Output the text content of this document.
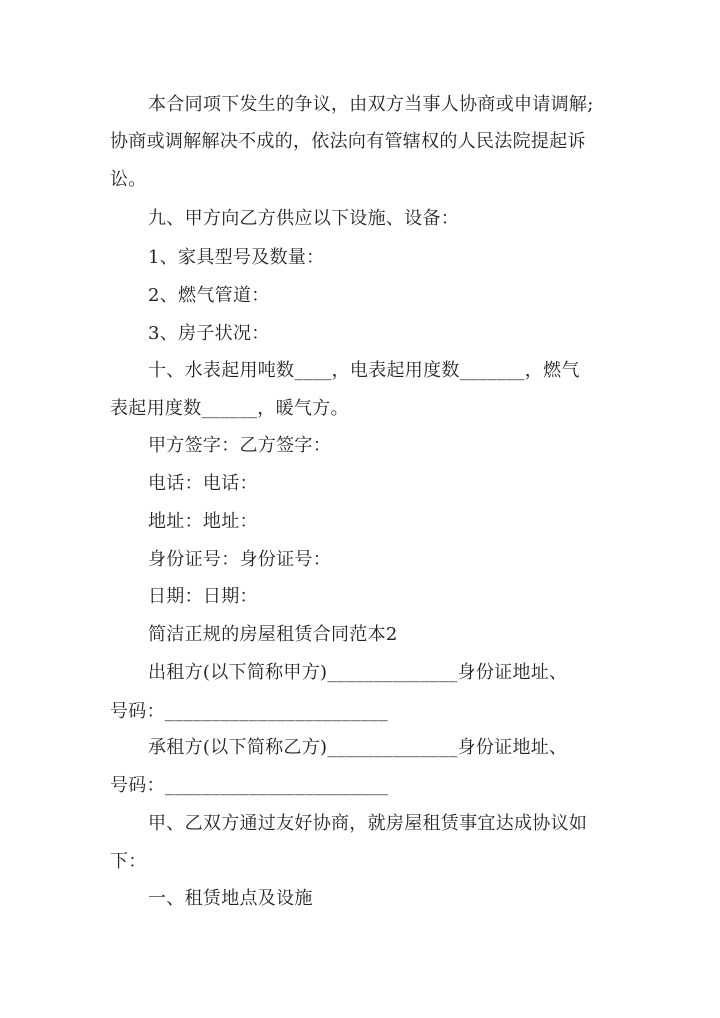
本合同项下发生的争议，由双方当事人协商或申请调解;
协商或调解解决不成的，依法向有管辖权的人民法院提起诉
讼。
九、甲方向乙方供应以下设施、设备：
1、家具型号及数量：
2、燃气管道：
3、房子状况：
十、水表起用吨数____，电表起用度数_______，燃气
表起用度数______，暖气方。
甲方签字：乙方签字：
电话：电话：
地址：地址：
身份证号：身份证号：
日期：日期：
简洁正规的房屋租赁合同范本2
出租方(以下简称甲方)______________身份证地址、
号码：________________________
承租方(以下简称乙方)______________身份证地址、
号码：________________________
甲、乙双方通过友好协商，就房屋租赁事宜达成协议如
下：
一、租赁地点及设施
